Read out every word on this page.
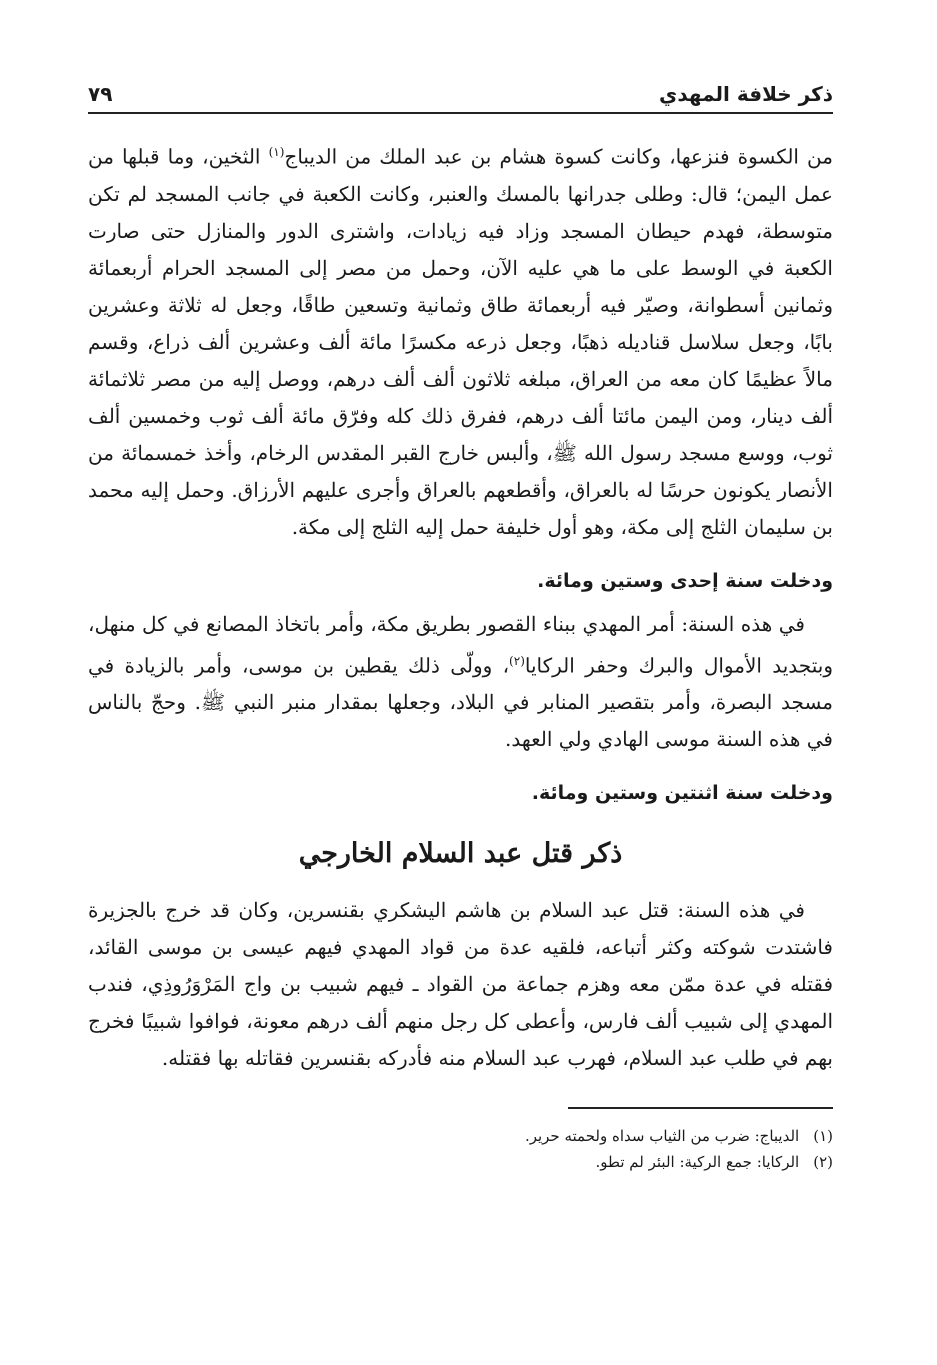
ذكر خلافة المهدي
٧٩

من الكسوة فنزعها، وكانت كسوة هشام بن عبد الملك من الديباج$^{(١)}$ الثخين، وما قبلها من عمل اليمن؛ قال: وطلى جدرانها بالمسك والعنبر، وكانت الكعبة في جانب المسجد لم تكن متوسطة، فهدم حيطان المسجد وزاد فيه زيادات، واشترى الدور والمنازل حتى صارت الكعبة في الوسط على ما هي عليه الآن، وحمل من مصر إلى المسجد الحرام أربعمائة وثمانين أسطوانة، وصيّر فيه أربعمائة طاق وثمانية وتسعين طاقًا، وجعل له ثلاثة وعشرين بابًا، وجعل سلاسل قناديله ذهبًا، وجعل ذرعه مكسرًا مائة ألف وعشرين ألف ذراع، وقسم مالاً عظيمًا كان معه من العراق، مبلغه ثلاثون ألف ألف درهم، ووصل إليه من مصر ثلاثمائة ألف دينار، ومن اليمن مائتا ألف درهم، ففرق ذلك كله وفرّق مائة ألف ثوب وخمسين ألف ثوب، ووسع مسجد رسول الله ﷺ، وألبس خارج القبر المقدس الرخام، وأخذ خمسمائة من الأنصار يكونون حرسًا له بالعراق، وأقطعهم بالعراق وأجرى عليهم الأرزاق. وحمل إليه محمد بن سليمان الثلج إلى مكة، وهو أول خليفة حمل إليه الثلج إلى مكة.

ودخلت سنة إحدى وستين ومائة.

في هذه السنة: أمر المهدي ببناء القصور بطريق مكة، وأمر باتخاذ المصانع في كل منهل، وبتجديد الأموال والبرك وحفر الركايا$^{(٢)}$، وولّى ذلك يقطين بن موسى، وأمر بالزيادة في مسجد البصرة، وأمر بتقصير المنابر في البلاد، وجعلها بمقدار منبر النبي ﷺ. وحجّ بالناس في هذه السنة موسى الهادي ولي العهد.

ودخلت سنة اثنتين وستين ومائة.
ذكر قتل عبد السلام الخارجي

في هذه السنة: قتل عبد السلام بن هاشم اليشكري بقنسرين، وكان قد خرج بالجزيرة فاشتدت شوكته وكثر أتباعه، فلقيه عدة من قواد المهدي فيهم عيسى بن موسى القائد، فقتله في عدة ممّن معه وهزم جماعة من القواد ـ فيهم شبيب بن واج المَرْوَرُوذِي، فندب المهدي إلى شبيب ألف فارس، وأعطى كل رجل منهم ألف درهم معونة، فوافوا شبيبًا فخرج بهم في طلب عبد السلام، فهرب عبد السلام منه فأدركه بقنسرين فقاتله بها فقتله.

(١)
الديباج: ضرب من الثياب سداه ولحمته حرير.
(٢)
الركايا: جمع الركية: البئر لم تطو.
